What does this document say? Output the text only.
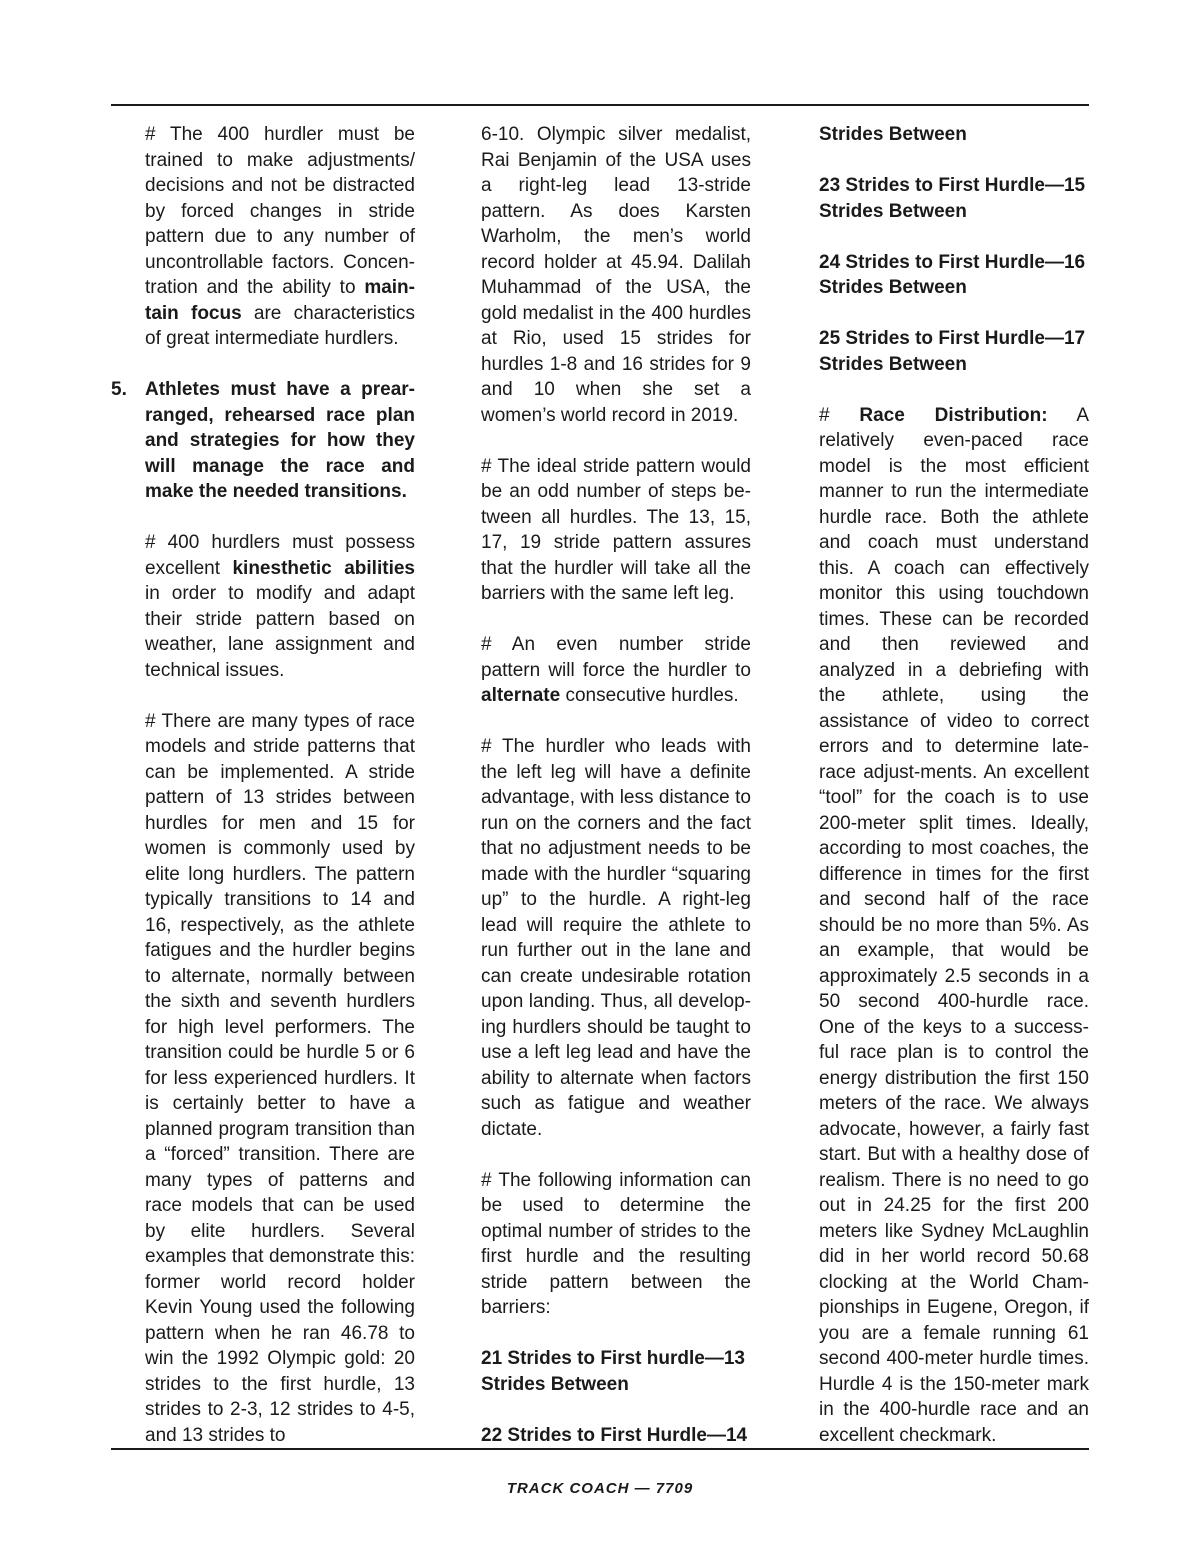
# The 400 hurdler must be trained to make adjustments/ decisions and not be distracted by forced changes in stride pattern due to any number of uncontrollable factors. Concen-tration and the ability to main-tain focus are characteristics of great intermediate hurdlers.

5. Athletes must have a prear-ranged, rehearsed race plan and strategies for how they will manage the race and make the needed transitions.

# 400 hurdlers must possess excellent kinesthetic abilities in order to modify and adapt their stride pattern based on weather, lane assignment and technical issues.

# There are many types of race models and stride patterns that can be implemented. A stride pattern of 13 strides between hurdles for men and 15 for women is commonly used by elite long hurdlers. The pattern typically transitions to 14 and 16, respectively, as the athlete fatigues and the hurdler begins to alternate, normally between the sixth and seventh hurdlers for high level performers. The transition could be hurdle 5 or 6 for less experienced hurdlers. It is certainly better to have a planned program transition than a “forced” transition. There are many types of patterns and race models that can be used by elite hurdlers. Several examples that demonstrate this: former world record holder Kevin Young used the following pattern when he ran 46.78 to win the 1992 Olympic gold: 20 strides to the first hurdle, 13 strides to 2-3, 12 strides to 4-5, and 13 strides to

6-10. Olympic silver medalist, Rai Benjamin of the USA uses a right-leg lead 13-stride pattern. As does Karsten Warholm, the men’s world record holder at 45.94. Dalilah Muhammad of the USA, the gold medalist in the 400 hurdles at Rio, used 15 strides for hurdles 1-8 and 16 strides for 9 and 10 when she set a women’s world record in 2019.

# The ideal stride pattern would be an odd number of steps be-tween all hurdles. The 13, 15, 17, 19 stride pattern assures that the hurdler will take all the barriers with the same left leg.

# An even number stride pattern will force the hurdler to alternate consecutive hurdles.

# The hurdler who leads with the left leg will have a definite advantage, with less distance to run on the corners and the fact that no adjustment needs to be made with the hurdler “squaring up” to the hurdle. A right-leg lead will require the athlete to run further out in the lane and can create undesirable rotation upon landing. Thus, all develop-ing hurdlers should be taught to use a left leg lead and have the ability to alternate when factors such as fatigue and weather dictate.

# The following information can be used to determine the optimal number of strides to the first hurdle and the resulting stride pattern between the barriers:

21 Strides to First hurdle—13 Strides Between

22 Strides to First Hurdle—14

Strides Between

23 Strides to First Hurdle—15 Strides Between

24 Strides to First Hurdle—16 Strides Between

25 Strides to First Hurdle—17 Strides Between

# Race Distribution: A relatively even-paced race model is the most efficient manner to run the intermediate hurdle race. Both the athlete and coach must understand this. A coach can effectively monitor this using touchdown times. These can be recorded and then reviewed and analyzed in a debriefing with the athlete, using the assistance of video to correct errors and to determine late-race adjust-ments. An excellent “tool” for the coach is to use 200-meter split times. Ideally, according to most coaches, the difference in times for the first and second half of the race should be no more than 5%. As an example, that would be approximately 2.5 seconds in a 50 second 400-hurdle race. One of the keys to a success-ful race plan is to control the energy distribution the first 150 meters of the race. We always advocate, however, a fairly fast start. But with a healthy dose of realism. There is no need to go out in 24.25 for the first 200 meters like Sydney McLaughlin did in her world record 50.68 clocking at the World Cham-pionships in Eugene, Oregon, if you are a female running 61 second 400-meter hurdle times. Hurdle 4 is the 150-meter mark in the 400-hurdle race and an excellent checkmark.

TRACK COACH — 7709
